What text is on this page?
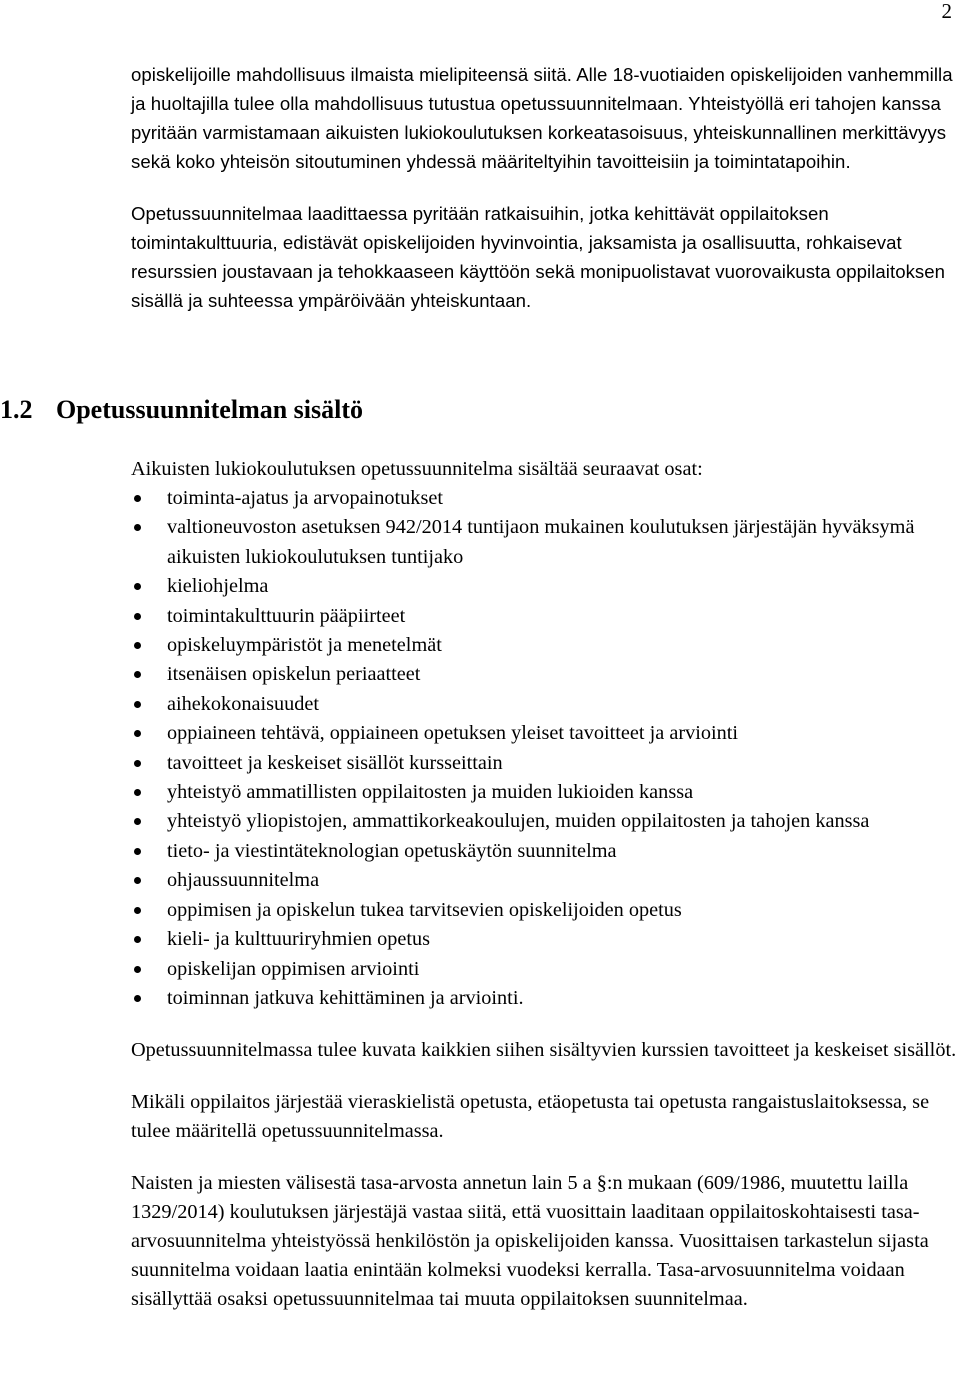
2

opiskelijoille mahdollisuus ilmaista mielipiteensä siitä. Alle 18-vuotiaiden opiskelijoiden vanhemmilla ja huoltajilla tulee olla mahdollisuus tutustua opetussuunnitelmaan. Yhteistyöllä eri tahojen kanssa pyritään varmistamaan aikuisten lukiokoulutuksen korkeatasoisuus, yhteiskunnallinen merkittävyys sekä koko yhteisön sitoutuminen yhdessä määriteltyihin tavoitteisiin ja toimintatapoihin.

Opetussuunnitelmaa laadittaessa pyritään ratkaisuihin, jotka kehittävät oppilaitoksen toimintakulttuuria, edistävät opiskelijoiden hyvinvointia, jaksamista ja osallisuutta, rohkaisevat resurssien joustavaan ja tehokkaaseen käyttöön sekä monipuolistavat vuorovaikusta oppilaitoksen sisällä ja suhteessa ympäröivään yhteiskuntaan.

1.2 Opetussuunnitelman sisältö

Aikuisten lukiokoulutuksen opetussuunnitelma sisältää seuraavat osat:

toiminta-ajatus ja arvopainotukset
valtioneuvoston asetuksen 942/2014 tuntijaon mukainen koulutuksen järjestäjän hyväksymä aikuisten lukiokoulutuksen tuntijako
kieliohjelma
toimintakulttuurin pääpiirteet
opiskeluympäristöt ja menetelmät
itsenäisen opiskelun periaatteet
aihekokonaisuudet
oppiaineen tehtävä, oppiaineen opetuksen yleiset tavoitteet ja arviointi
tavoitteet ja keskeiset sisällöt kursseittain
yhteistyö ammatillisten oppilaitosten ja muiden lukioiden kanssa
yhteistyö yliopistojen, ammattikorkeakoulujen, muiden oppilaitosten ja tahojen kanssa
tieto- ja viestintäteknologian opetuskäytön suunnitelma
ohjaussuunnitelma
oppimisen ja opiskelun tukea tarvitsevien opiskelijoiden opetus
kieli- ja kulttuuriryhmien opetus
opiskelijan oppimisen arviointi
toiminnan jatkuva kehittäminen ja arviointi.

Opetussuunnitelmassa tulee kuvata kaikkien siihen sisältyvien kurssien tavoitteet ja keskeiset sisällöt.

Mikäli oppilaitos järjestää vieraskielistä opetusta, etäopetusta tai opetusta rangaistuslaitoksessa, se tulee määritellä opetussuunnitelmassa.

Naisten ja miesten välisestä tasa-arvosta annetun lain 5 a §:n mukaan (609/1986, muutettu lailla 1329/2014) koulutuksen järjestäjä vastaa siitä, että vuosittain laaditaan oppilaitoskohtaisesti tasa-arvosuunnitelma yhteistyössä henkilöstön ja opiskelijoiden kanssa. Vuosittaisen tarkastelun sijasta suunnitelma voidaan laatia enintään kolmeksi vuodeksi kerralla. Tasa-arvosuunnitelma voidaan sisällyttää osaksi opetussuunnitelmaa tai muuta oppilaitoksen suunnitelmaa.
